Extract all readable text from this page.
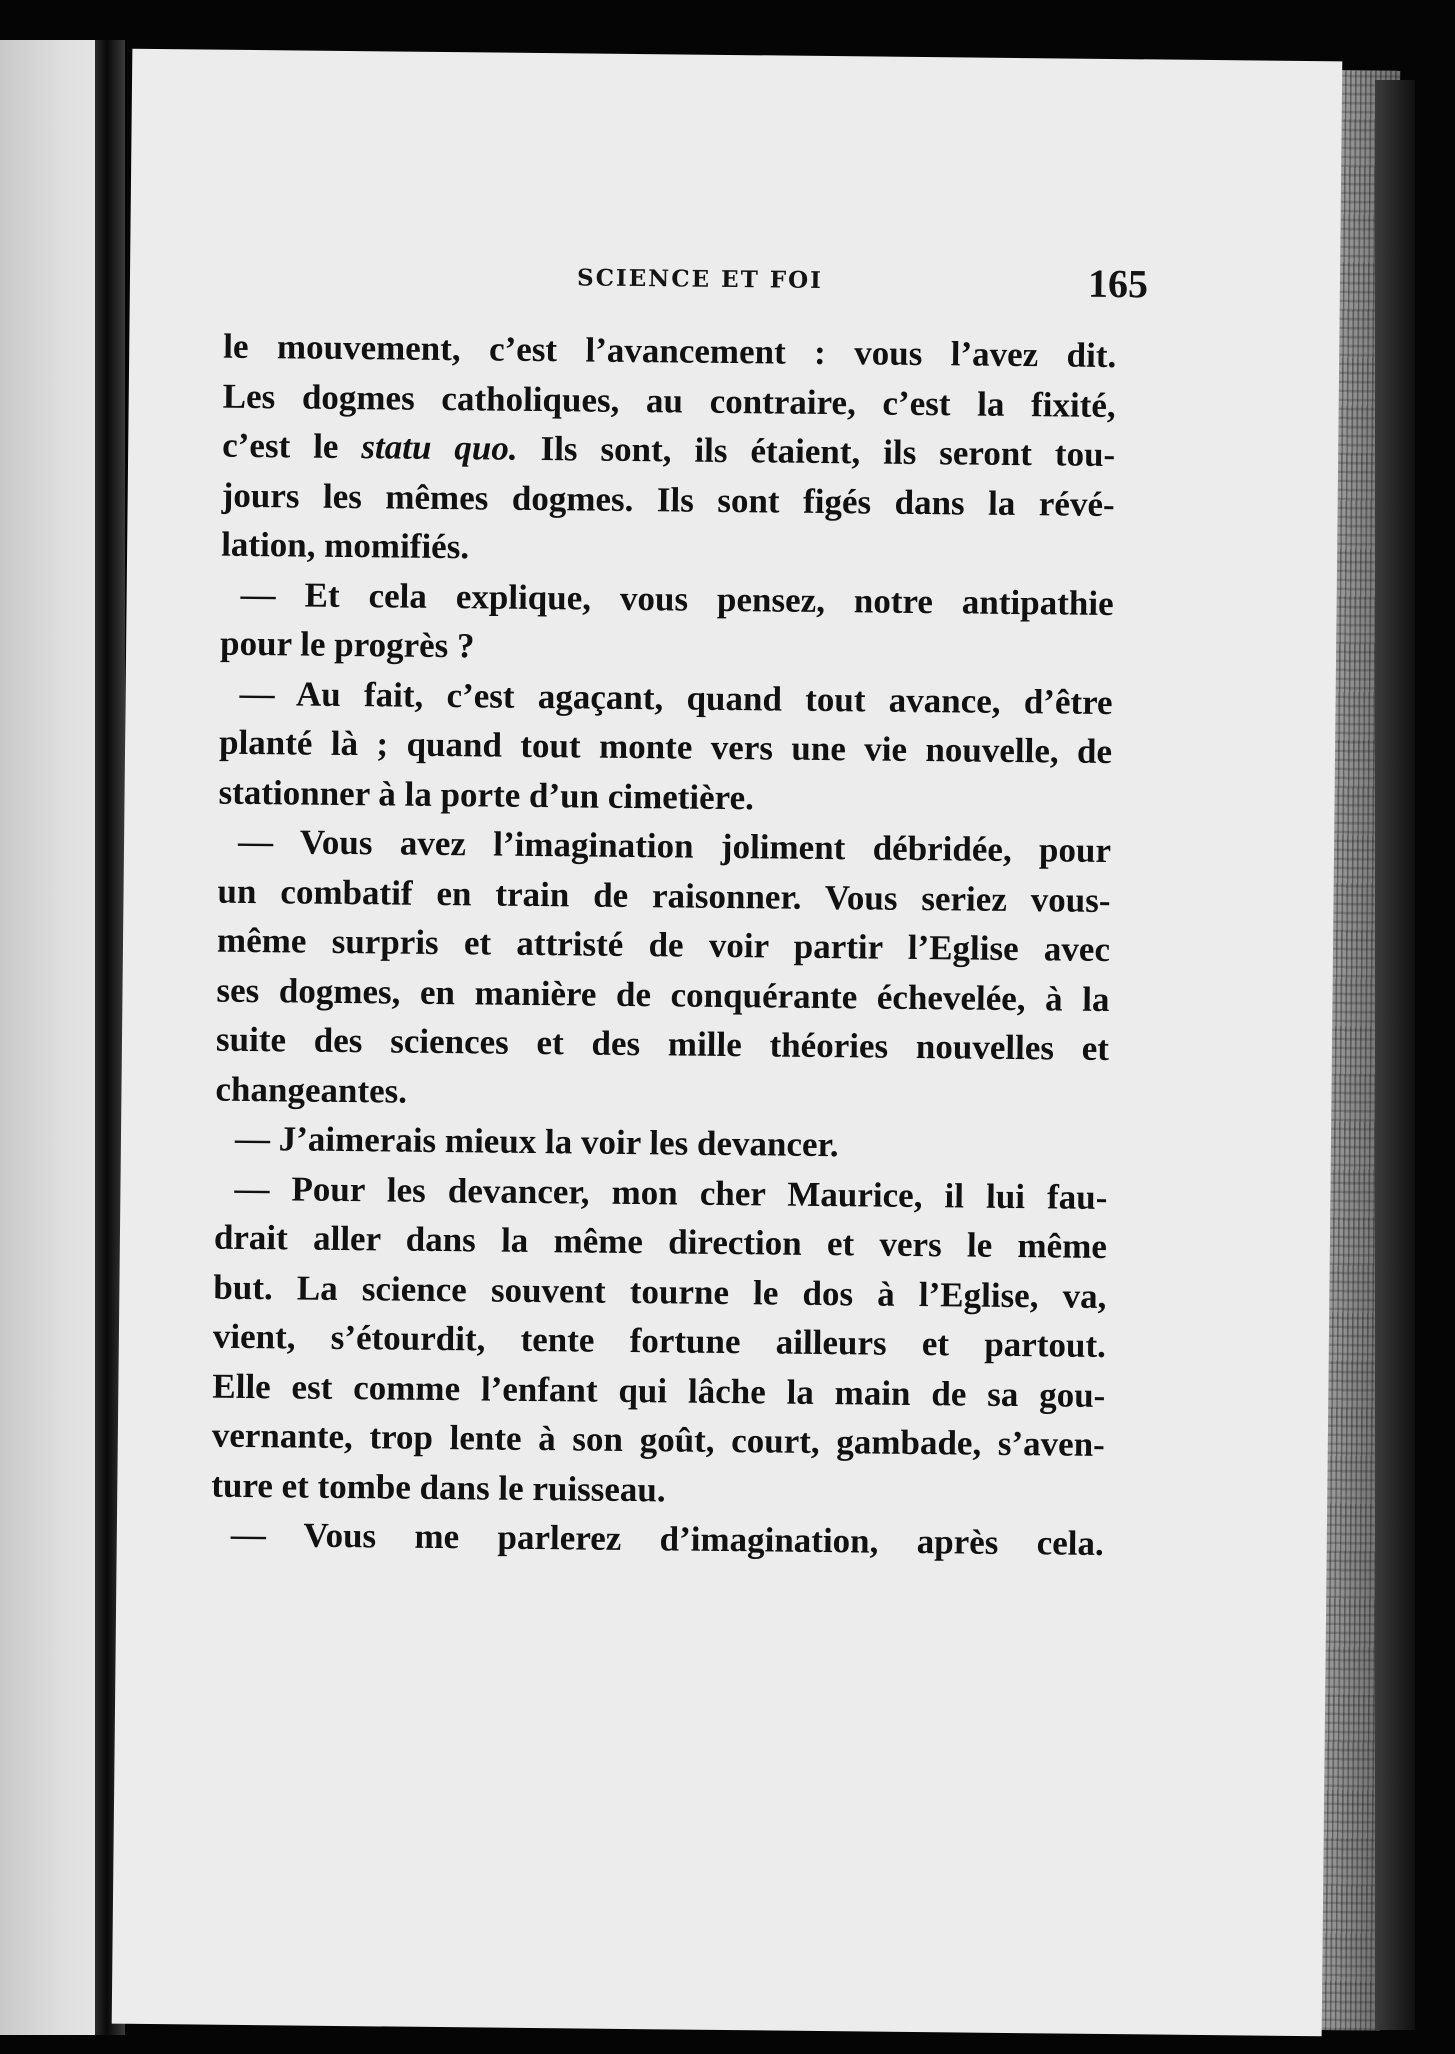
SCIENCE ET FOI	165
le mouvement, c’est l’avancement : vous l’avez dit.
Les dogmes catholiques, au contraire, c’est la fixité,
c’est le statu quo. Ils sont, ils étaient, ils seront tou-
jours les mêmes dogmes. Ils sont figés dans la révé-
lation, momifiés.
— Et cela explique, vous pensez, notre antipathie
pour le progrès ?
— Au fait, c’est agaçant, quand tout avance, d’être
planté là ; quand tout monte vers une vie nouvelle, de
stationner à la porte d’un cimetière.
— Vous avez l’imagination joliment débridée, pour
un combatif en train de raisonner. Vous seriez vous-
même surpris et attristé de voir partir l’Eglise avec
ses dogmes, en manière de conquérante échevelée, à la
suite des sciences et des mille théories nouvelles et
changeantes.
— J’aimerais mieux la voir les devancer.
— Pour les devancer, mon cher Maurice, il lui fau-
drait aller dans la même direction et vers le même
but. La science souvent tourne le dos à l’Eglise, va,
vient, s’étourdit, tente fortune ailleurs et partout.
Elle est comme l’enfant qui lâche la main de sa gou-
vernante, trop lente à son goût, court, gambade, s’aven-
ture et tombe dans le ruisseau.
— Vous me parlerez d’imagination, après cela.
